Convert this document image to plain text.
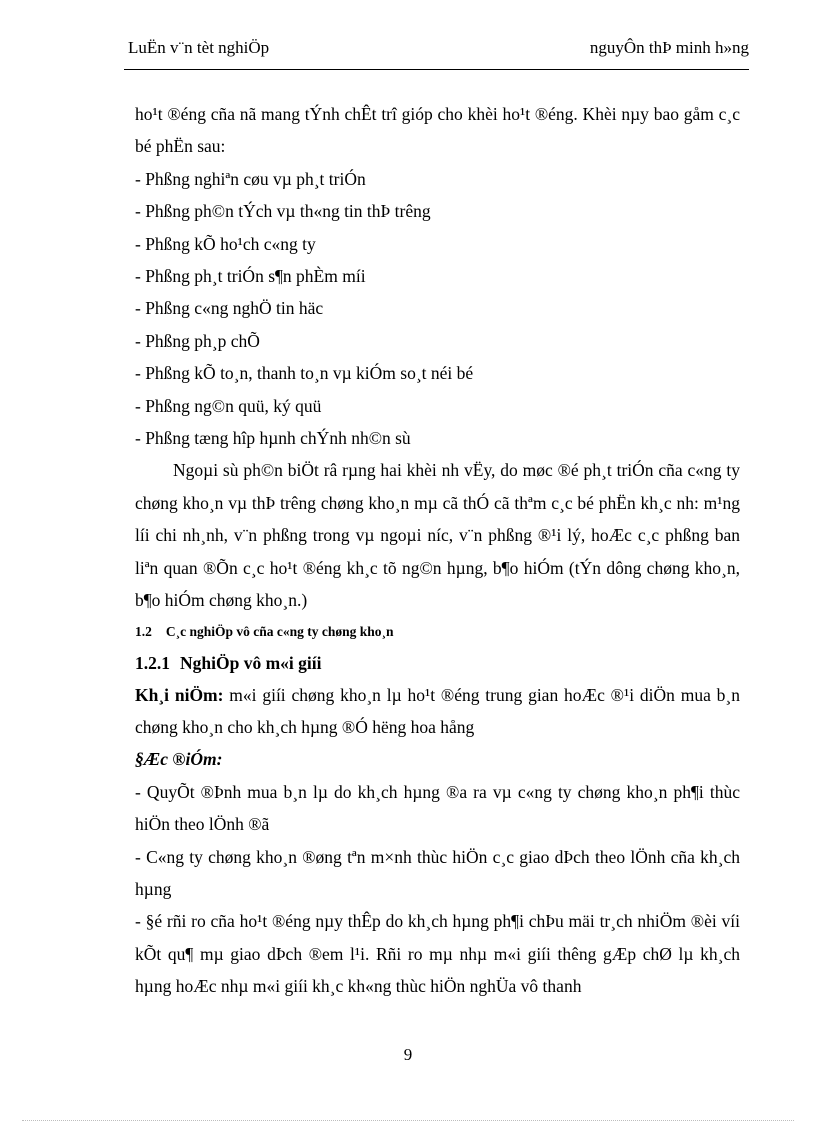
LuËn v¨n tèt nghiÖp	nguyÔn thÞ minh h»ng

ho¹t ®éng cña nã mang tÝnh chÊt trî gióp cho khèi ho¹t ®éng. Khèi nµy bao gåm c¸c bé phËn sau:

- Phßng nghiªn cøu vµ ph¸t triÓn

- Phßng ph©n tÝch vµ th«ng tin thÞ trêng

- Phßng kÕ ho¹ch c«ng ty

- Phßng ph¸t triÓn s¶n phÈm míi

- Phßng c«ng nghÖ tin häc

- Phßng ph¸p chÕ

- Phßng kÕ to¸n, thanh to¸n vµ kiÓm so¸t néi bé

- Phßng ng©n quü, ký quü

- Phßng tæng hîp hµnh chÝnh nh©n sù

Ngoµi sù ph©n biÖt râ rµng hai khèi nh vËy, do møc ®é ph¸t triÓn cña c«ng ty chøng kho¸n vµ thÞ trêng chøng kho¸n mµ cã thÓ cã thªm c¸c bé phËn kh¸c nh: m¹ng líi chi nh¸nh, v¨n phßng trong vµ ngoµi níc, v¨n phßng ®¹i lý, hoÆc c¸c phßng ban liªn quan ®Õn c¸c ho¹t ®éng kh¸c tõ ng©n hµng, b¶o hiÓm (tÝn dông chøng kho¸n, b¶o hiÓm chøng kho¸n.)

1.2 C¸c nghiÖp vô cña c«ng ty chøng kho¸n

1.2.1 NghiÖp vô m«i giíi

Kh¸i niÖm: m«i giíi chøng kho¸n lµ ho¹t ®éng trung gian hoÆc ®¹i diÖn mua b¸n chøng kho¸n cho kh¸ch hµng ®Ó hëng hoa hång

§Æc ®iÓm:

- QuyÕt ®Þnh mua b¸n lµ do kh¸ch hµng ®a ra vµ c«ng ty chøng kho¸n ph¶i thùc hiÖn theo lÖnh ®ã

- C«ng ty chøng kho¸n ®øng tªn m×nh thùc hiÖn c¸c giao dÞch theo lÖnh cña kh¸ch hµng

- §é rñi ro cña ho¹t ®éng nµy thÊp do kh¸ch hµng ph¶i chÞu mäi tr¸ch nhiÖm ®èi víi kÕt qu¶ mµ giao dÞch ®em l¹i. Rñi ro mµ nhµ m«i giíi thêng gÆp chØ lµ kh¸ch hµng hoÆc nhµ m«i giíi kh¸c kh«ng thùc hiÖn nghÜa vô thanh

9
